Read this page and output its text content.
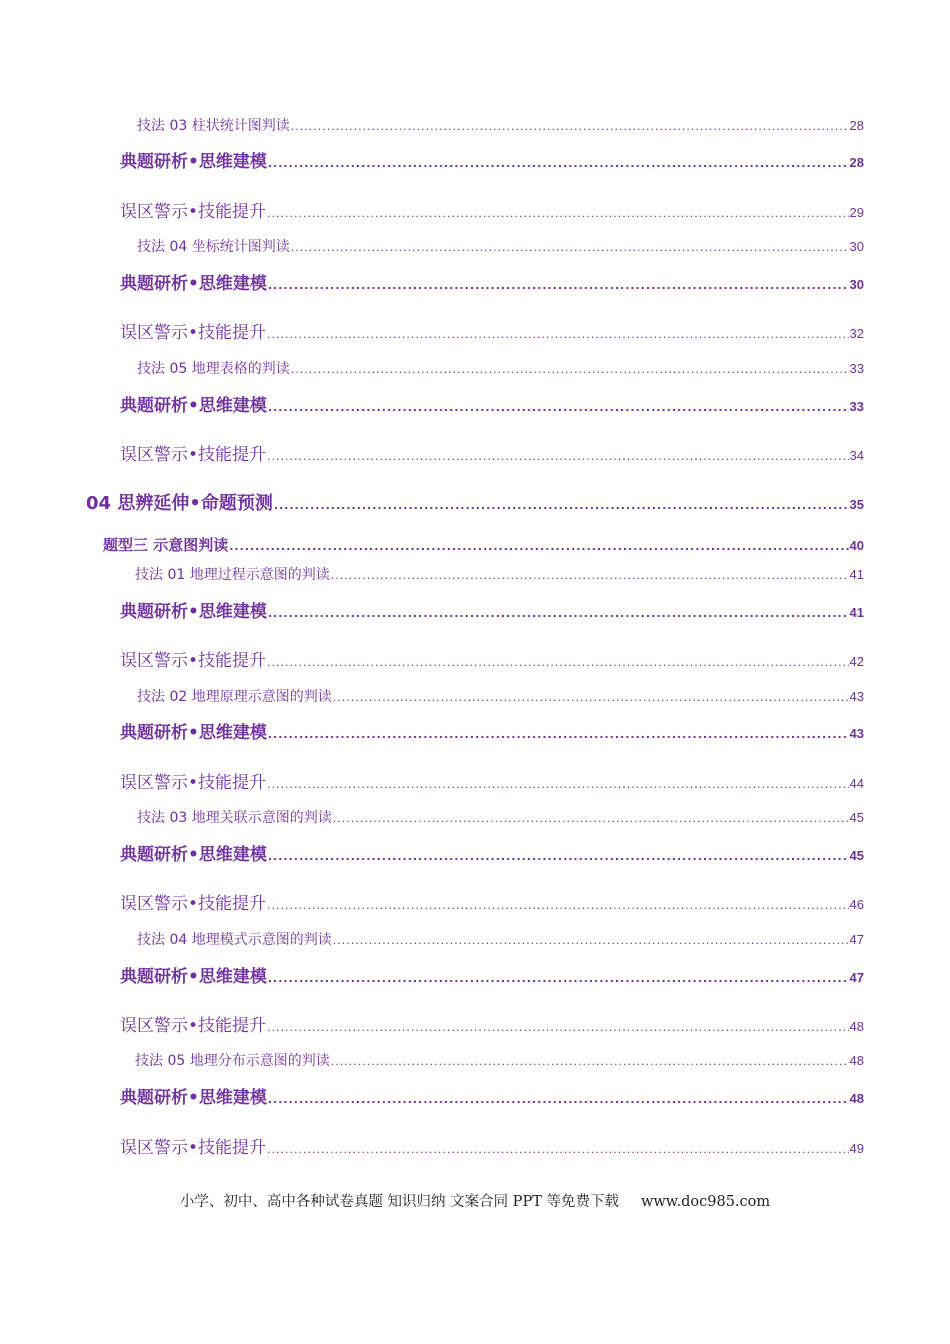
技法 03 柱状统计图判读 .....	28
典题研析•思维建模 .....	28
误区警示•技能提升 .....	29
技法 04 坐标统计图判读 .....	30
典题研析•思维建模 .....	30
误区警示•技能提升 .....	32
技法 05 地理表格的判读 .....	33
典题研析•思维建模 .....	33
误区警示•技能提升 .....	34
04 思辨延伸•命题预测 .....	35
题型三 示意图判读 .....	40
技法 01 地理过程示意图的判读 .....	41
典题研析•思维建模 .....	41
误区警示•技能提升 .....	42
技法 02 地理原理示意图的判读 .....	43
典题研析•思维建模 .....	43
误区警示•技能提升 .....	44
技法 03 地理关联示意图的判读 .....	45
典题研析•思维建模 .....	45
误区警示•技能提升 .....	46
技法 04 地理模式示意图的判读 .....	47
典题研析•思维建模 .....	47
误区警示•技能提升 .....	48
技法 05 地理分布示意图的判读 .....	48
典题研析•思维建模 .....	48
误区警示•技能提升 .....	49
小学、初中、高中各种试卷真题 知识归纳 文案合同 PPT 等免费下载 www.doc985.com
